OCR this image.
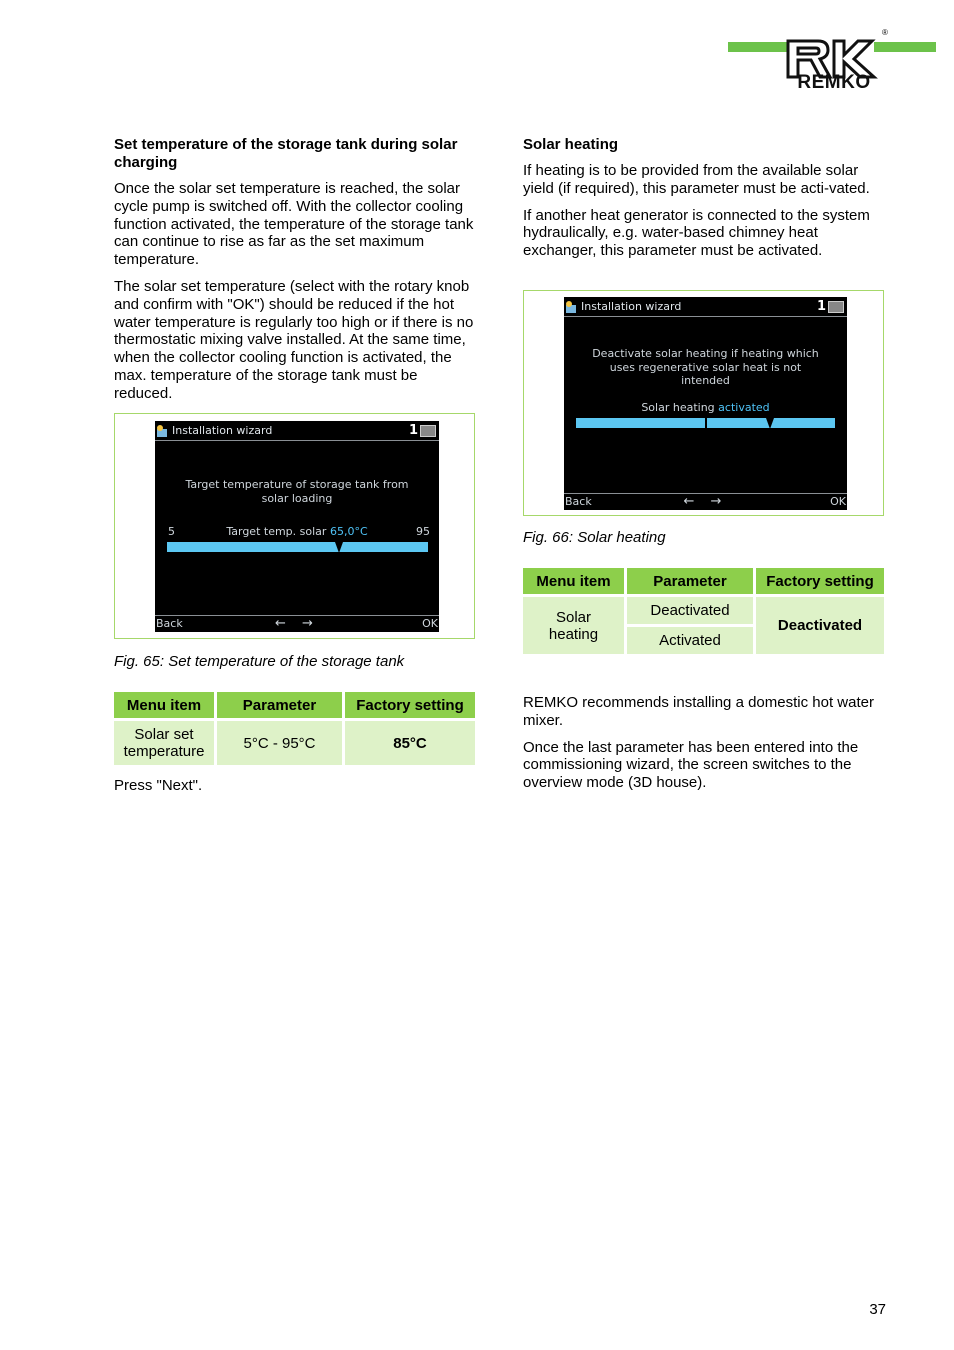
REMKO
®
Set temperature of the storage tank during solar charging

Once the solar set temperature is reached, the solar cycle pump is switched off. With the collector cooling function activated, the temperature of the storage tank can continue to rise as far as the set maximum temperature.

The solar set temperature (select with the rotary knob and confirm with "OK") should be reduced if the hot water temperature is regularly too high or if there is no thermostatic mixing valve installed. At the same time, when the collector cooling function is activated, the max. temperature of the storage tank must be reduced.

Installation wizard	1
Target temperature of storage tank from
solar loading
5	95
Target temp. solar 65,0°C
Back	← →	OK
Fig. 65: Set temperature of the storage tank
Menu item	Parameter	Factory setting
Solar set temperature	5°C - 95°C	85°C
Press "Next".
Solar heating

If heating is to be provided from the available solar yield (if required), this parameter must be acti-vated.

If another heat generator is connected to the system hydraulically, e.g. water-based chimney heat exchanger, this parameter must be activated.

Installation wizard	1
Deactivate solar heating if heating which
uses regenerative solar heat is not
intended
Solar heating activated
Back	← →	OK
Fig. 66: Solar heating
Menu item	Parameter	Factory setting
Solar heating	Deactivated	Deactivated
	Activated	

REMKO recommends installing a domestic hot water mixer.

Once the last parameter has been entered into the commissioning wizard, the screen switches to the overview mode (3D house).

37
